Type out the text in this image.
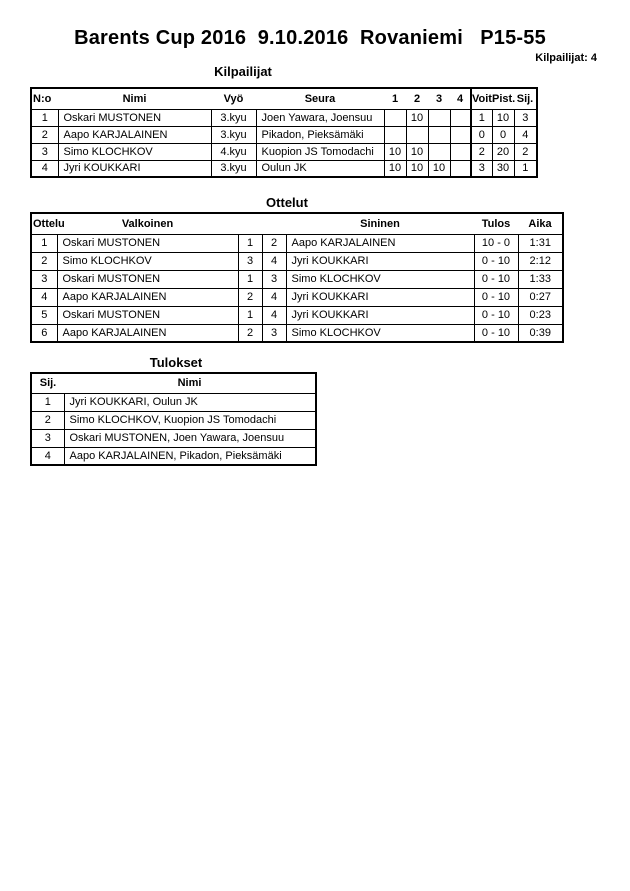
Barents Cup 2016  9.10.2016  Rovaniemi   P15-55
Kilpailijat: 4
Kilpailijat
N:o	Nimi	Vyö	Seura	1	2	3	4	Voit.	Pist.	Sij.
1	Oskari MUSTONEN	3.kyu	Joen Yawara, Joensuu		10			1	10	3
2	Aapo KARJALAINEN	3.kyu	Pikadon, Pieksämäki					0	0	4
3	Simo KLOCHKOV	4.kyu	Kuopion JS Tomodachi	10	10			2	20	2
4	Jyri KOUKKARI	3.kyu	Oulun JK	10	10	10		3	30	1
Ottelut
Ottelu	Valkoinen			Sininen	Tulos	Aika
1	Oskari MUSTONEN	1	2	Aapo KARJALAINEN	10 - 0	1:31
2	Simo KLOCHKOV	3	4	Jyri KOUKKARI	0 - 10	2:12
3	Oskari MUSTONEN	1	3	Simo KLOCHKOV	0 - 10	1:33
4	Aapo KARJALAINEN	2	4	Jyri KOUKKARI	0 - 10	0:27
5	Oskari MUSTONEN	1	4	Jyri KOUKKARI	0 - 10	0:23
6	Aapo KARJALAINEN	2	3	Simo KLOCHKOV	0 - 10	0:39
Tulokset
Sij.	Nimi
1	Jyri KOUKKARI, Oulun JK
2	Simo KLOCHKOV, Kuopion JS Tomodachi
3	Oskari MUSTONEN, Joen Yawara, Joensuu
4	Aapo KARJALAINEN, Pikadon, Pieksämäki
